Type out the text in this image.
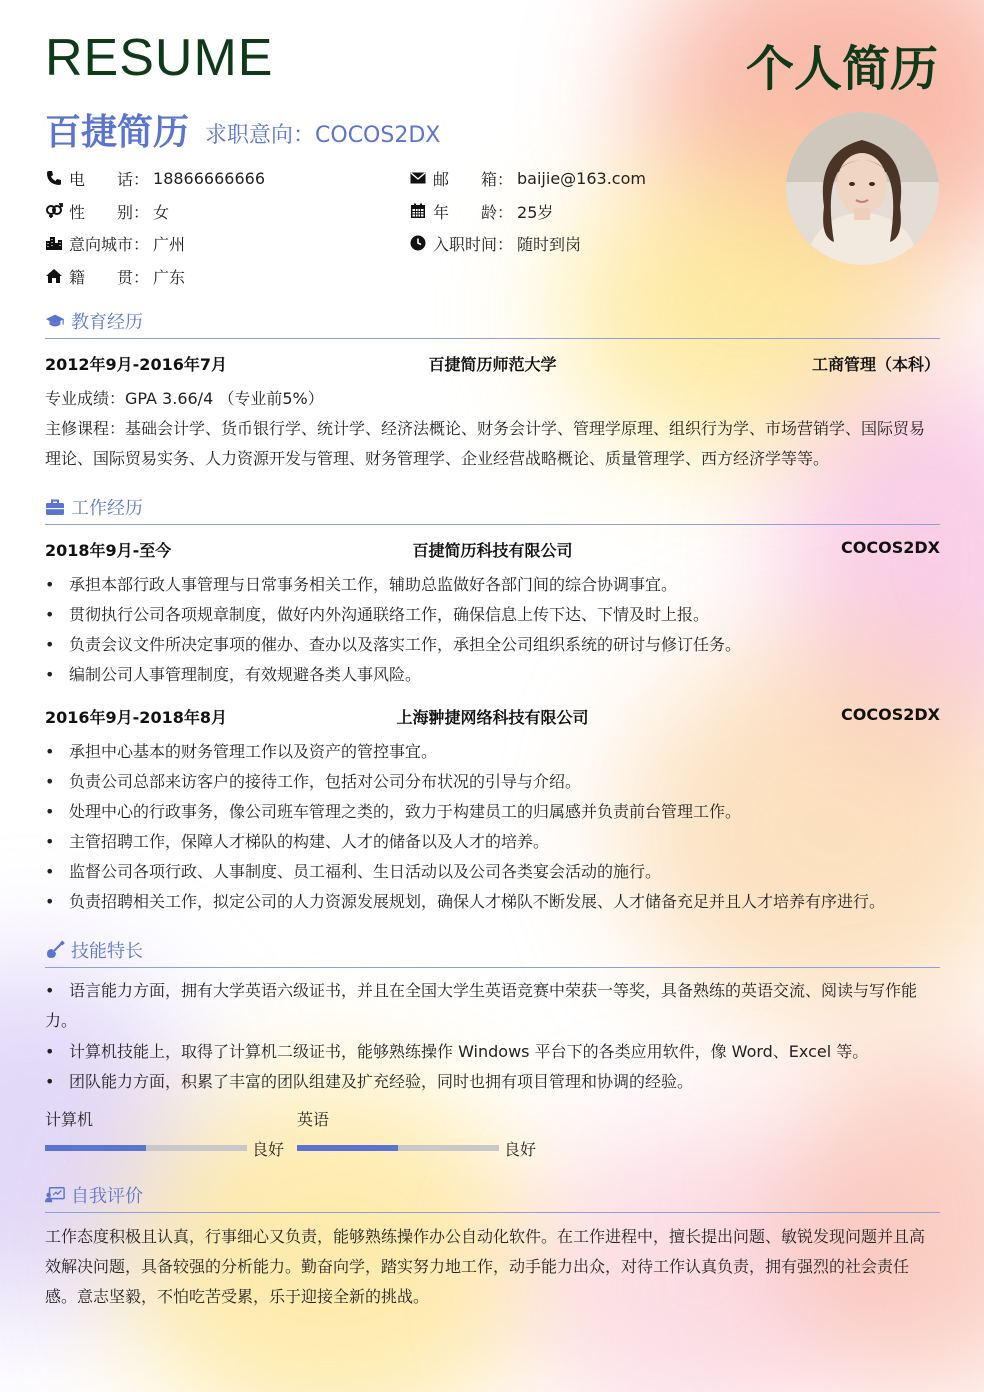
RESUME	个人简历
百捷简历 求职意向：COCOS2DX
电　　话 ： 18866666666	邮　　箱 ： baijie@163.com
性　　别 ： 女	年　　龄 ： 25岁
意向城市 ： 广州	入职时间 ： 随时到岗
籍　　贯 ： 广东
教育经历
2012年9月-2016年7月	百捷简历师范大学	工商管理（本科）
专业成绩：GPA 3.66/4 （专业前5%）
主修课程：基础会计学、货币银行学、统计学、经济法概论、财务会计学、管理学原理、组织行为学、市场营销学、国际贸易理论、国际贸易实务、人力资源开发与管理、财务管理学、企业经营战略概论、质量管理学、西方经济学等等。
工作经历
2018年9月-至今	百捷简历科技有限公司	COCOS2DX
• 承担本部行政人事管理与日常事务相关工作，辅助总监做好各部门间的综合协调事宜。
• 贯彻执行公司各项规章制度，做好内外沟通联络工作，确保信息上传下达、下情及时上报。
• 负责会议文件所决定事项的催办、查办以及落实工作，承担全公司组织系统的研讨与修订任务。
• 编制公司人事管理制度，有效规避各类人事风险。
2016年9月-2018年8月	上海翀捷网络科技有限公司	COCOS2DX
• 承担中心基本的财务管理工作以及资产的管控事宜。
• 负责公司总部来访客户的接待工作，包括对公司分布状况的引导与介绍。
• 处理中心的行政事务，像公司班车管理之类的，致力于构建员工的归属感并负责前台管理工作。
• 主管招聘工作，保障人才梯队的构建、人才的储备以及人才的培养。
• 监督公司各项行政、人事制度、员工福利、生日活动以及公司各类宴会活动的施行。
• 负责招聘相关工作，拟定公司的人力资源发展规划，确保人才梯队不断发展、人才储备充足并且人才培养有序进行。
技能特长
• 语言能力方面，拥有大学英语六级证书，并且在全国大学生英语竞赛中荣获一等奖，具备熟练的英语交流、阅读与写作能力。
• 计算机技能上，取得了计算机二级证书，能够熟练操作 Windows 平台下的各类应用软件，像 Word、Excel 等。
• 团队能力方面，积累了丰富的团队组建及扩充经验，同时也拥有项目管理和协调的经验。
计算机
良好
英语
良好
自我评价
工作态度积极且认真，行事细心又负责，能够熟练操作办公自动化软件。在工作进程中，擅长提出问题、敏锐发现问题并且高效解决问题，具备较强的分析能力。勤奋向学，踏实努力地工作，动手能力出众，对待工作认真负责，拥有强烈的社会责任感。意志坚毅，不怕吃苦受累，乐于迎接全新的挑战。
